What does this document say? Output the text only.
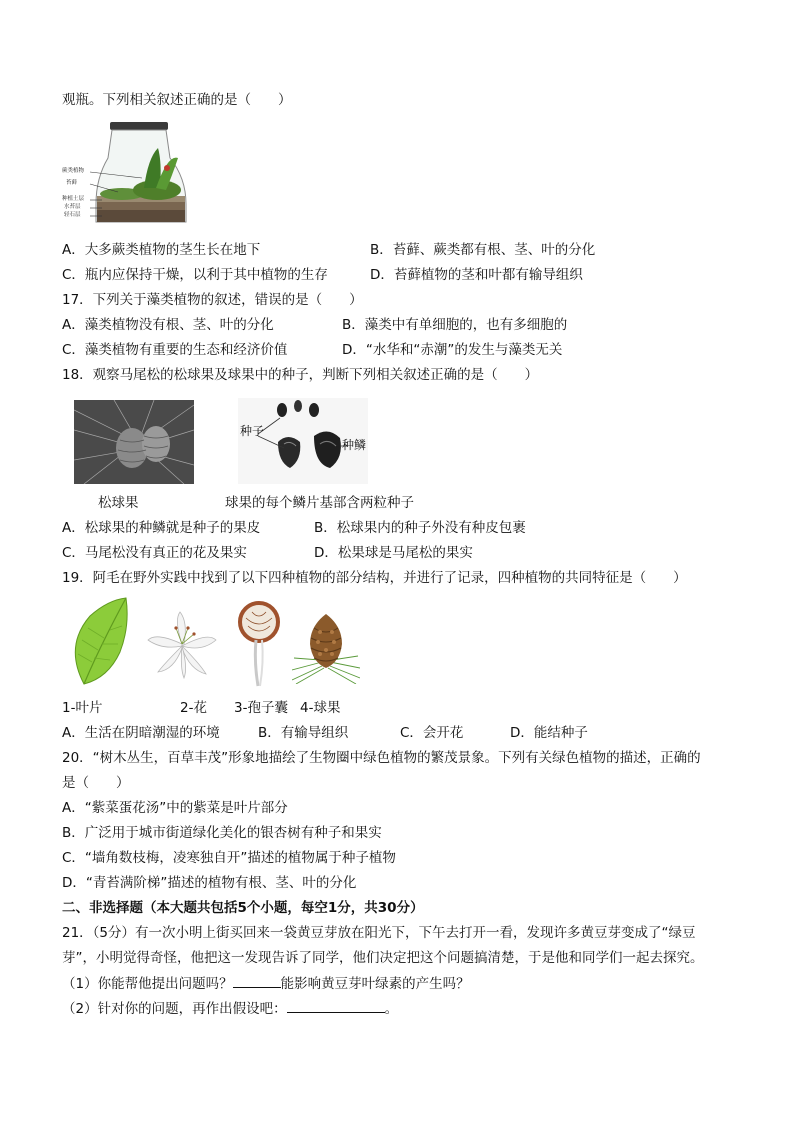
观瓶。下列相关叙述正确的是（　　）
蕨类植物
苔藓
种植土层
水苔层
轻石层
A．大多蕨类植物的茎生长在地下	B．苔藓、蕨类都有根、茎、叶的分化
C．瓶内应保持干燥，以利于其中植物的生存	D．苔藓植物的茎和叶都有输导组织
17．下列关于藻类植物的叙述，错误的是（　　）
A．藻类植物没有根、茎、叶的分化	B．藻类中有单细胞的，也有多细胞的
C．藻类植物有重要的生态和经济价值	D．“水华和“赤潮”的发生与藻类无关
18．观察马尾松的松球果及球果中的种子，判断下列相关叙述正确的是（　　）
种子
种鳞
松球果	球果的每个鳞片基部含两粒种子
A．松球果的种鳞就是种子的果皮	B．松球果内的种子外没有种皮包裹
C．马尾松没有真正的花及果实	D．松果球是马尾松的果实
19．阿毛在野外实践中找到了以下四种植物的部分结构，并进行了记录，四种植物的共同特征是（　　）
1-叶片	2-花 3-孢子囊 4-球果
A．生活在阴暗潮湿的环境	B．有输导组织	C．会开花	D．能结种子
20．“树木丛生，百草丰茂”形象地描绘了生物圈中绿色植物的繁茂景象。下列有关绿色植物的描述，正确的
是（　　）
A．“紫菜蛋花汤”中的紫菜是叶片部分
B．广泛用于城市街道绿化美化的银杏树有种子和果实
C．“墙角数枝梅，凌寒独自开”描述的植物属于种子植物
D．“青苔满阶梯”描述的植物有根、茎、叶的分化
二、非选择题（本大题共包括5个小题，每空1分，共30分）
21．（5分）有一次小明上街买回来一袋黄豆芽放在阳光下，下午去打开一看，发现许多黄豆芽变成了“绿豆
芽”，小明觉得奇怪，他把这一发现告诉了同学，他们决定把这个问题搞清楚，于是他和同学们一起去探究。
（1）你能帮他提出问题吗？	能影响黄豆芽叶绿素的产生吗？
（2）针对你的问题，再作出假设吧：	。
